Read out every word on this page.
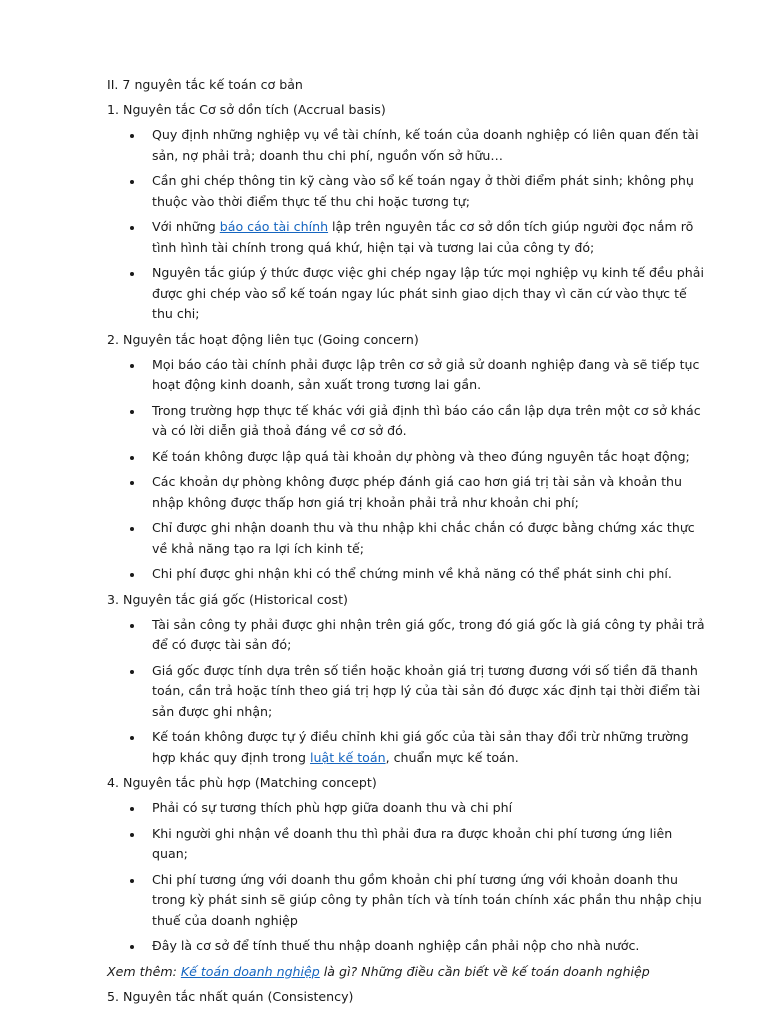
II. 7 nguyên tắc kế toán cơ bản

1. Nguyên tắc Cơ sở dồn tích (Accrual basis)

Quy định những nghiệp vụ về tài chính, kế toán của doanh nghiệp có liên quan đến tài sản, nợ phải trả; doanh thu chi phí, nguồn vốn sở hữu…
Cần ghi chép thông tin kỹ càng vào sổ kế toán ngay ở thời điểm phát sinh; không phụ thuộc vào thời điểm thực tế thu chi hoặc tương tự;
Với những báo cáo tài chính lập trên nguyên tắc cơ sở dồn tích giúp người đọc nắm rõ tình hình tài chính trong quá khứ, hiện tại và tương lai của công ty đó;
Nguyên tắc giúp ý thức được việc ghi chép ngay lập tức mọi nghiệp vụ kinh tế đều phải được ghi chép vào sổ kế toán ngay lúc phát sinh giao dịch thay vì căn cứ vào thực tế thu chi;

2. Nguyên tắc hoạt động liên tục (Going concern)

Mọi báo cáo tài chính phải được lập trên cơ sở giả sử doanh nghiệp đang và sẽ tiếp tục hoạt động kinh doanh, sản xuất trong tương lai gần.
Trong trường hợp thực tế khác với giả định thì báo cáo cần lập dựa trên một cơ sở khác và có lời diễn giả thoả đáng về cơ sở đó.
Kế toán không được lập quá tài khoản dự phòng và theo đúng nguyên tắc hoạt động;
Các khoản dự phòng không được phép đánh giá cao hơn giá trị tài sản và khoản thu nhập không được thấp hơn giá trị khoản phải trả như khoản chi phí;
Chỉ được ghi nhận doanh thu và thu nhập khi chắc chắn có được bằng chứng xác thực về khả năng tạo ra lợi ích kinh tế;
Chi phí được ghi nhận khi có thể chứng minh về khả năng có thể phát sinh chi phí.

3. Nguyên tắc giá gốc (Historical cost)

Tài sản công ty phải được ghi nhận trên giá gốc, trong đó giá gốc là giá công ty phải trả để có được tài sản đó;
Giá gốc được tính dựa trên số tiền hoặc khoản giá trị tương đương với số tiền đã thanh toán, cần trả hoặc tính theo giá trị hợp lý của tài sản đó được xác định tại thời điểm tài sản được ghi nhận;
Kế toán không được tự ý điều chỉnh khi giá gốc của tài sản thay đổi trừ những trường hợp khác quy định trong luật kế toán, chuẩn mực kế toán.

4. Nguyên tắc phù hợp (Matching concept)

Phải có sự tương thích phù hợp giữa doanh thu và chi phí
Khi người ghi nhận về doanh thu thì phải đưa ra được khoản chi phí tương ứng liên quan;
Chi phí tương ứng với doanh thu gồm khoản chi phí tương ứng với khoản doanh thu trong kỳ phát sinh sẽ giúp công ty phân tích và tính toán chính xác phần thu nhập chịu thuế của doanh nghiệp
Đây là cơ sở để tính thuế thu nhập doanh nghiệp cần phải nộp cho nhà nước.

Xem thêm: Kế toán doanh nghiệp là gì? Những điều cần biết về kế toán doanh nghiệp

5. Nguyên tắc nhất quán (Consistency)
